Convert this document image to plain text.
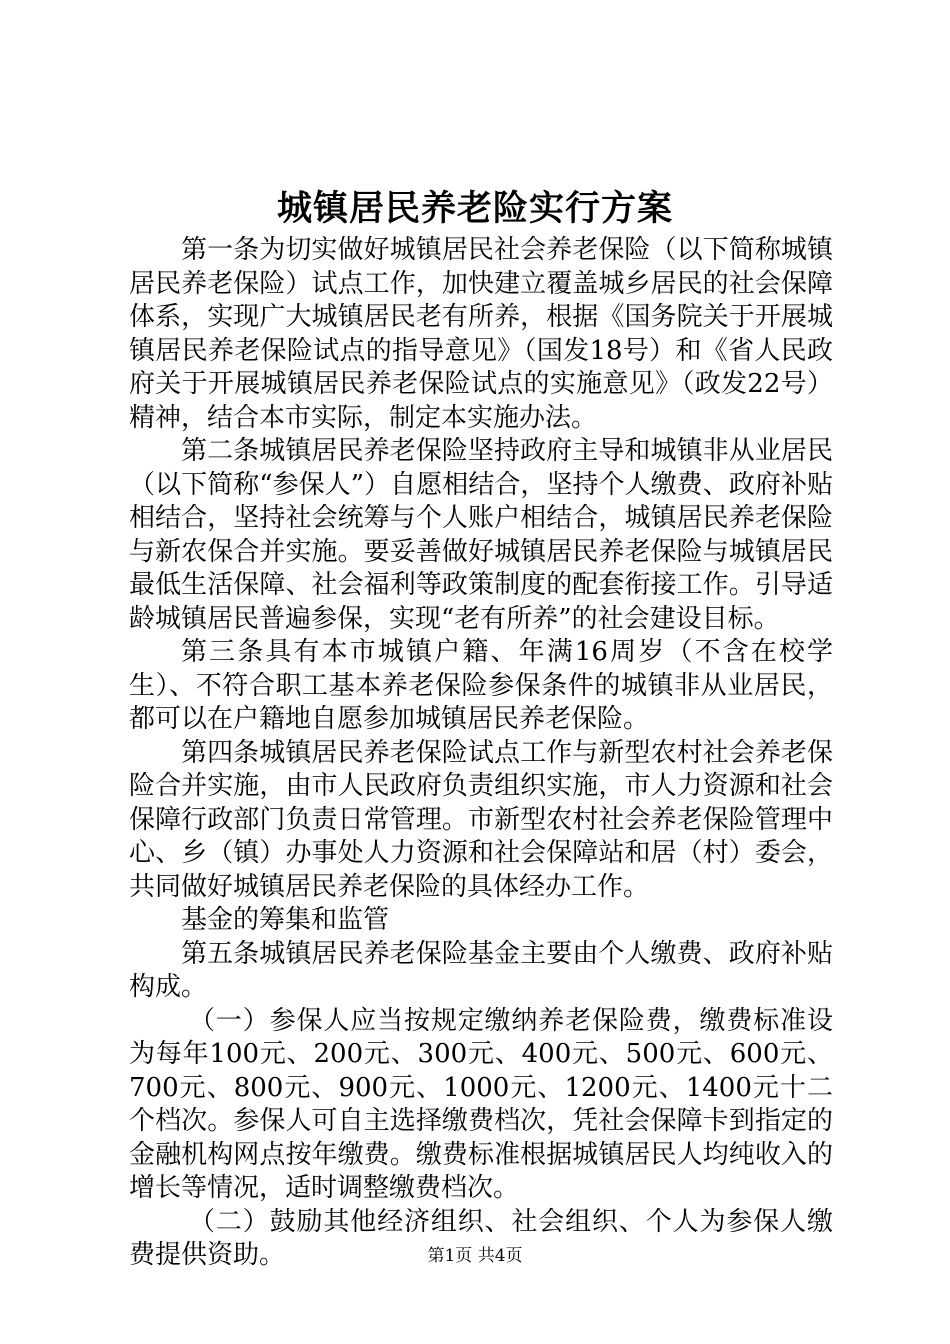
城镇居民养老险实行方案

第一条为切实做好城镇居民社会养老保险（以下简称城镇居民养老保险）试点工作，加快建立覆盖城乡居民的社会保障体系，实现广大城镇居民老有所养，根据《国务院关于开展城镇居民养老保险试点的指导意见》（国发18号）和《省人民政府关于开展城镇居民养老保险试点的实施意见》（政发22号）精神，结合本市实际，制定本实施办法。

第二条城镇居民养老保险坚持政府主导和城镇非从业居民（以下简称“参保人”）自愿相结合，坚持个人缴费、政府补贴相结合，坚持社会统筹与个人账户相结合，城镇居民养老保险与新农保合并实施。要妥善做好城镇居民养老保险与城镇居民最低生活保障、社会福利等政策制度的配套衔接工作。引导适龄城镇居民普遍参保，实现“老有所养”的社会建设目标。

第三条具有本市城镇户籍、年满16周岁（不含在校学生）、不符合职工基本养老保险参保条件的城镇非从业居民，都可以在户籍地自愿参加城镇居民养老保险。

第四条城镇居民养老保险试点工作与新型农村社会养老保险合并实施，由市人民政府负责组织实施，市人力资源和社会保障行政部门负责日常管理。市新型农村社会养老保险管理中心、乡（镇）办事处人力资源和社会保障站和居（村）委会，共同做好城镇居民养老保险的具体经办工作。

基金的筹集和监管

第五条城镇居民养老保险基金主要由个人缴费、政府补贴构成。

（一）参保人应当按规定缴纳养老保险费，缴费标准设为每年100元、200元、300元、400元、500元、600元、700元、800元、900元、1000元、1200元、1400元十二个档次。参保人可自主选择缴费档次，凭社会保障卡到指定的金融机构网点按年缴费。缴费标准根据城镇居民人均纯收入的增长等情况，适时调整缴费档次。

（二）鼓励其他经济组织、社会组织、个人为参保人缴费提供资助。	第1页 共4页
